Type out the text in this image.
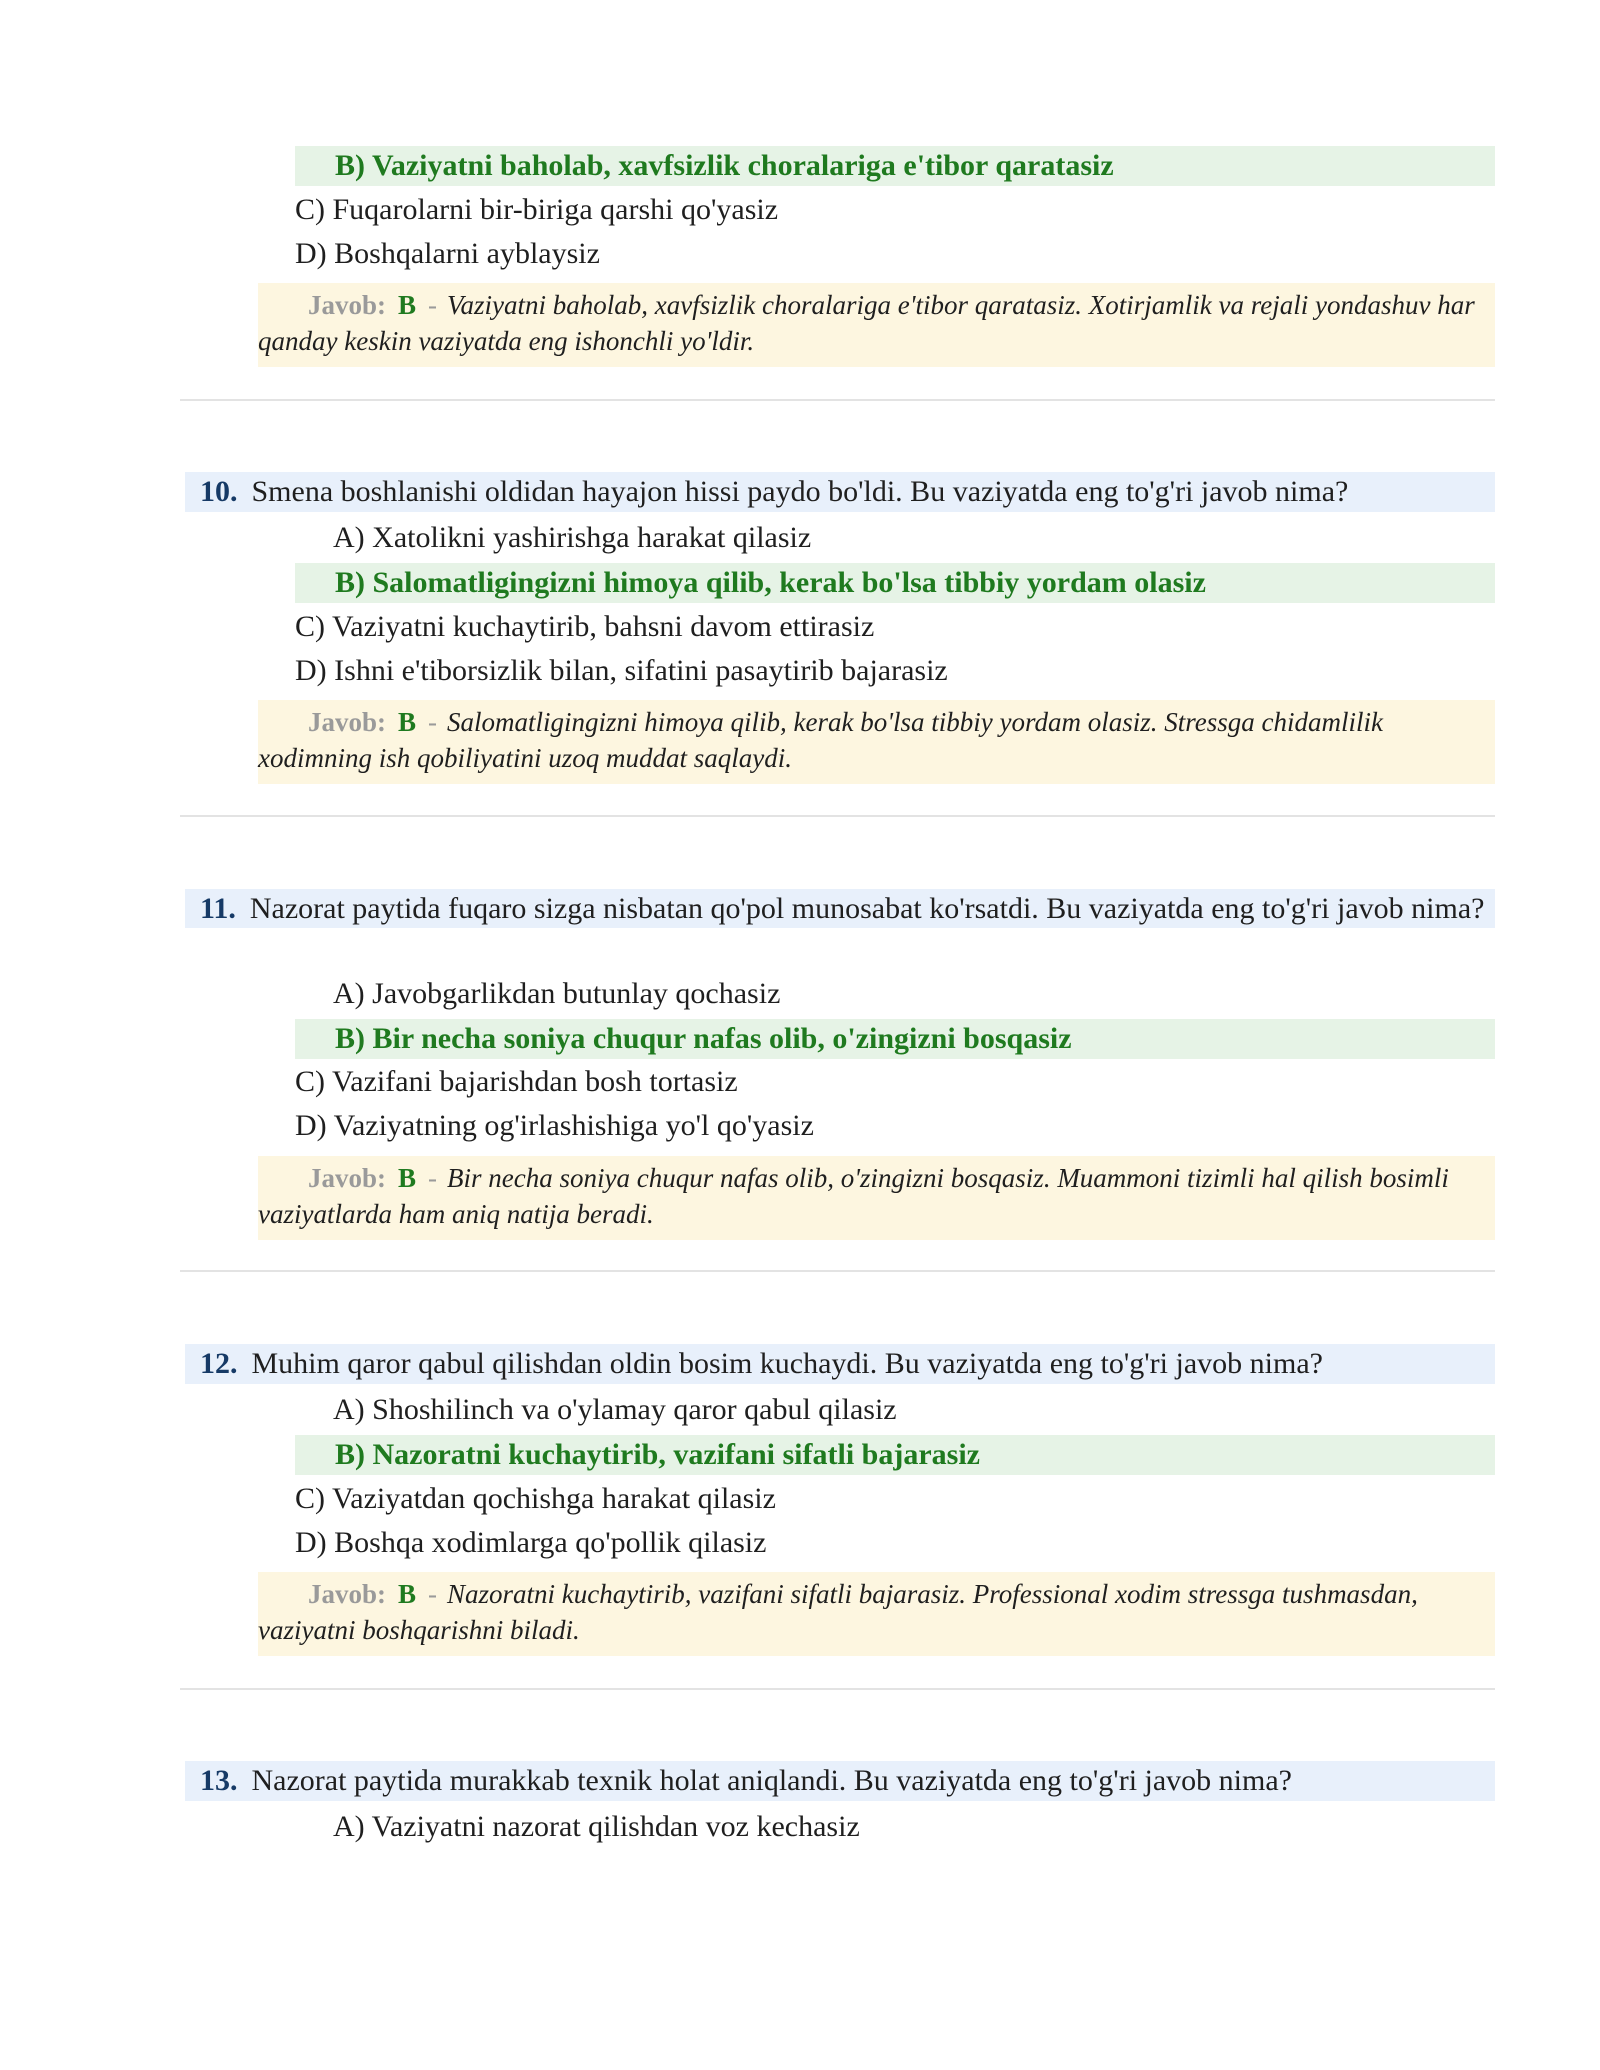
B) Vaziyatni baholab, xavfsizlik choralariga e'tibor qaratasiz
C) Fuqarolarni bir-biriga qarshi qo'yasiz
D) Boshqalarni ayblaysiz
Javob: B - Vaziyatni baholab, xavfsizlik choralariga e'tibor qaratasiz. Xotirjamlik va rejali yondashuv har qanday keskin vaziyatda eng ishonchli yo'ldir.
10. Smena boshlanishi oldidan hayajon hissi paydo bo'ldi. Bu vaziyatda eng to'g'ri javob nima?
A) Xatolikni yashirishga harakat qilasiz
B) Salomatligingizni himoya qilib, kerak bo'lsa tibbiy yordam olasiz
C) Vaziyatni kuchaytirib, bahsni davom ettirasiz
D) Ishni e'tiborsizlik bilan, sifatini pasaytirib bajarasiz
Javob: B - Salomatligingizni himoya qilib, kerak bo'lsa tibbiy yordam olasiz. Stressga chidamlilik xodimning ish qobiliyatini uzoq muddat saqlaydi.
11. Nazorat paytida fuqaro sizga nisbatan qo'pol munosabat ko'rsatdi. Bu vaziyatda eng to'g'ri javob nima?
A) Javobgarlikdan butunlay qochasiz
B) Bir necha soniya chuqur nafas olib, o'zingizni bosqasiz
C) Vazifani bajarishdan bosh tortasiz
D) Vaziyatning og'irlashishiga yo'l qo'yasiz
Javob: B - Bir necha soniya chuqur nafas olib, o'zingizni bosqasiz. Muammoni tizimli hal qilish bosimli vaziyatlarda ham aniq natija beradi.
12. Muhim qaror qabul qilishdan oldin bosim kuchaydi. Bu vaziyatda eng to'g'ri javob nima?
A) Shoshilinch va o'ylamay qaror qabul qilasiz
B) Nazoratni kuchaytirib, vazifani sifatli bajarasiz
C) Vaziyatdan qochishga harakat qilasiz
D) Boshqa xodimlarga qo'pollik qilasiz
Javob: B - Nazoratni kuchaytirib, vazifani sifatli bajarasiz. Professional xodim stressga tushmasdan, vaziyatni boshqarishni biladi.
13. Nazorat paytida murakkab texnik holat aniqlandi. Bu vaziyatda eng to'g'ri javob nima?
A) Vaziyatni nazorat qilishdan voz kechasiz
